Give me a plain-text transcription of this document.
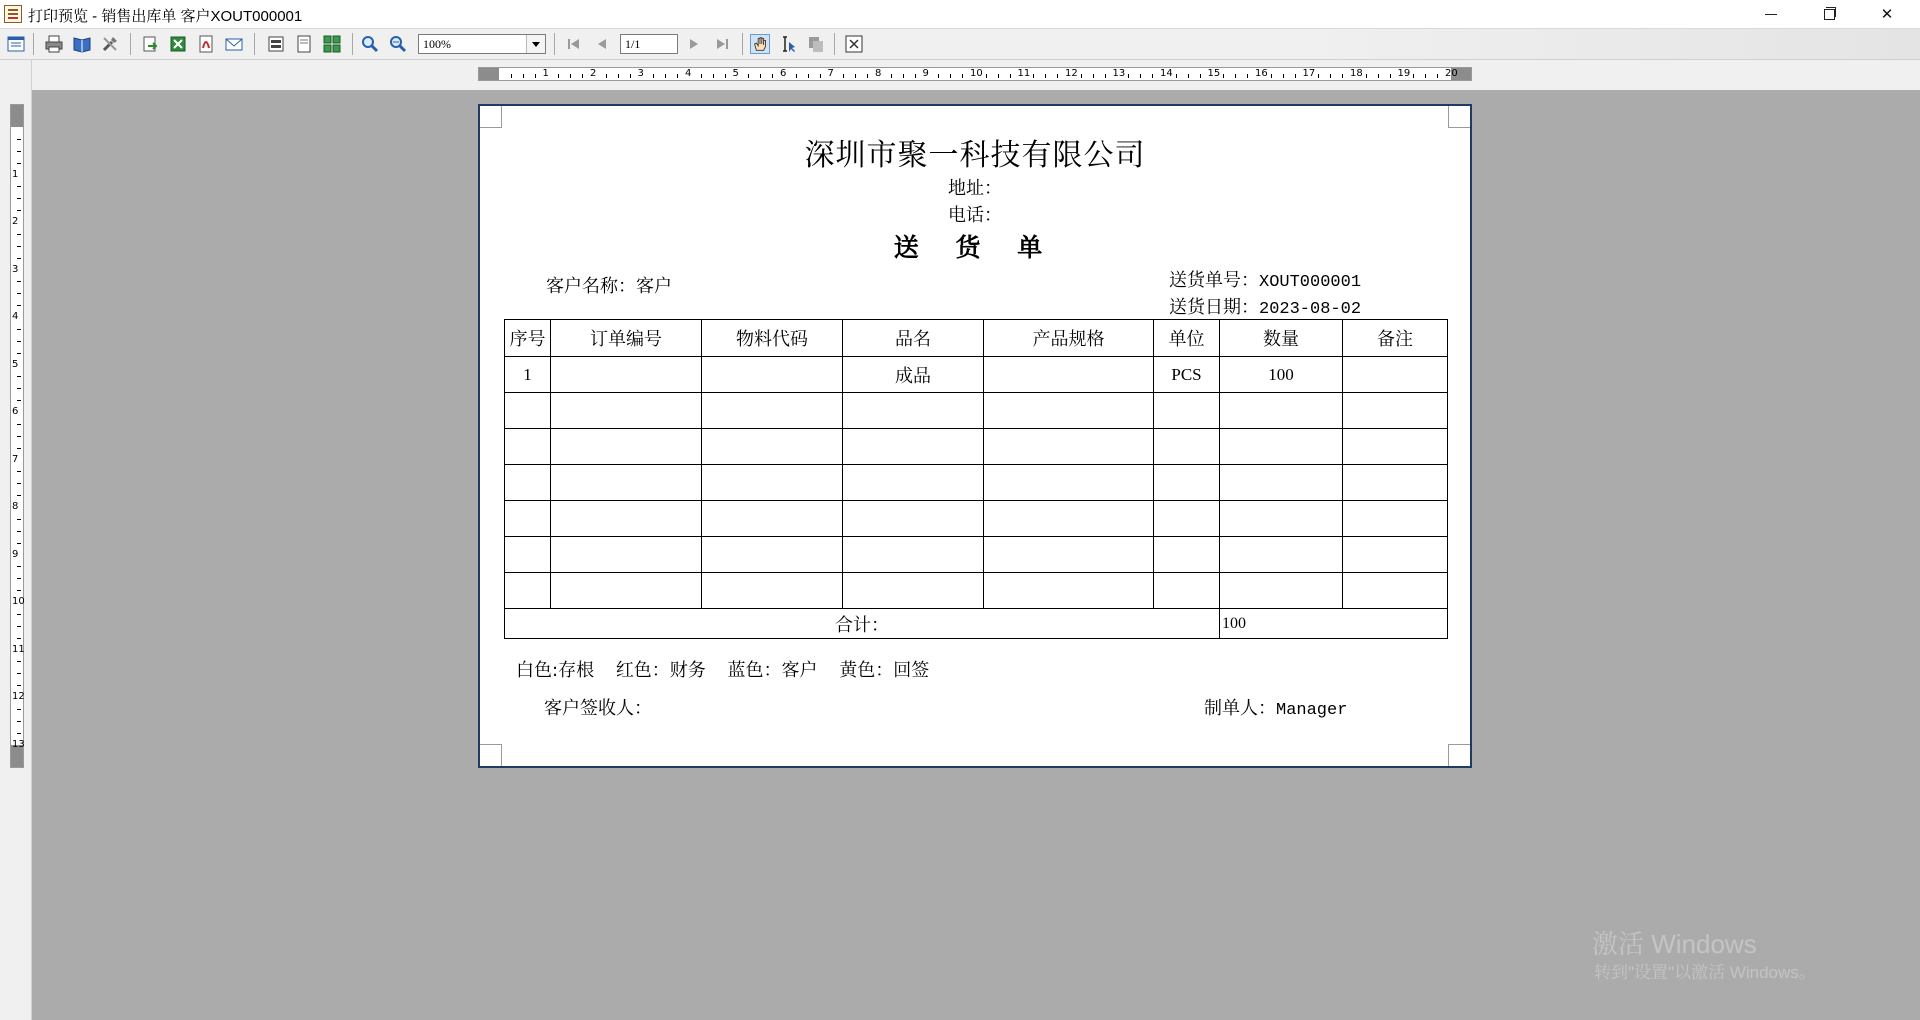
打印预览 - 销售出库单 客户XOUT000001	✕
100%	1/1
1	2	3	4	5	6	7	8	9	10	11	12	13	14	15	16	17	18	19	20
1
2
3
4
5
6
7
8
9
10
11
12
13
深圳市聚一科技有限公司
地址：
电话：
送 货 单
客户名称：客户	送货单号：XOUT000001
送货日期：2023-08-02
序号	订单编号	物料代码	品名	产品规格	单位	数量	备注
1			成品		PCS	100	

合计：						100	
白色:存根 红色：财务 蓝色：客户 黄色：回签
客户签收人：	制单人：Manager
激活 Windows
转到"设置"以激活 Windows。
